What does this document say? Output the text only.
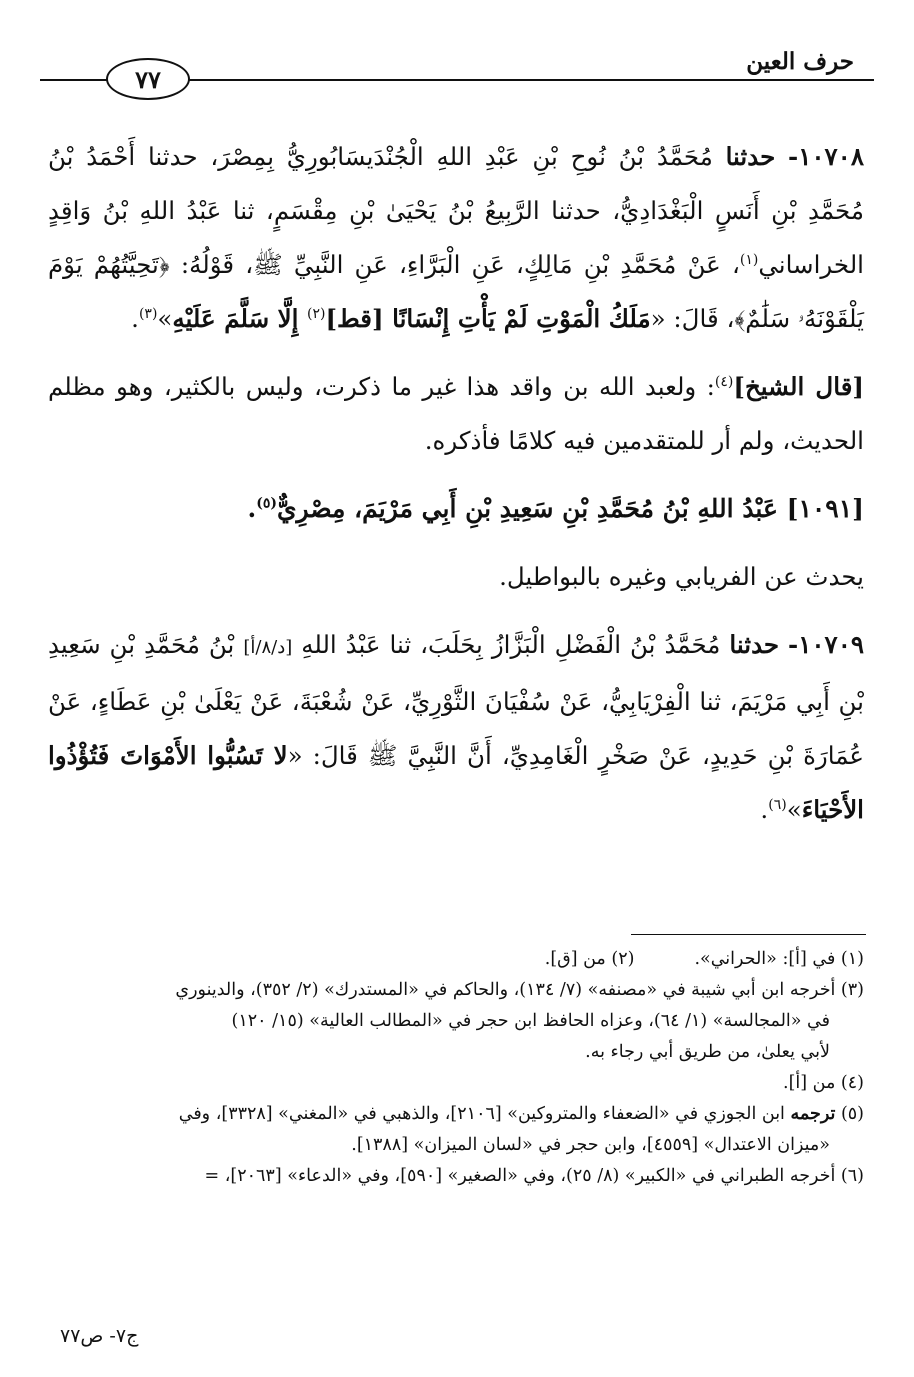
حرف العين
٧٧

١٠٧٠٨- حدثنا مُحَمَّدُ بْنُ نُوحِ بْنِ عَبْدِ اللهِ الْجُنْدَيسَابُورِيُّ بِمِصْرَ، حدثنا أَحْمَدُ بْنُ مُحَمَّدِ بْنِ أَنَسٍ الْبَغْدَادِيُّ، حدثنا الرَّبِيعُ بْنُ يَحْيَىٰ بْنِ مِقْسَمٍ، ثنا عَبْدُ اللهِ بْنُ وَاقِدٍ الخراساني$^{(١)}$، عَنْ مُحَمَّدِ بْنِ مَالِكٍ، عَنِ الْبَرَّاءِ، عَنِ النَّبِيِّ ﷺ، قَوْلُهُ: ﴿تَحِيَّتُهُمْ يَوْمَ يَلْقَوْنَهُۥ سَلَٰمٌ﴾، قَالَ: «مَلَكُ الْمَوْتِ لَمْ يَأْتِ إِنْسَانًا [قط]$^{(٢)}$ إِلَّا سَلَّمَ عَلَيْهِ»$^{(٣)}$.

[قال الشيخ]$^{(٤)}$: ولعبد الله بن واقد هذا غير ما ذكرت، وليس بالكثير، وهو مظلم الحديث، ولم أر للمتقدمين فيه كلامًا فأذكره.

[١٠٩١] عَبْدُ اللهِ بْنُ مُحَمَّدِ بْنِ سَعِيدِ بْنِ أَبِي مَرْيَمَ، مِصْرِيٌّ$^{(٥)}$.

يحدث عن الفريابي وغيره بالبواطيل.

١٠٧٠٩- حدثنا مُحَمَّدُ بْنُ الْفَضْلِ الْبَزَّازُ بِحَلَبَ، ثنا عَبْدُ اللهِ [د/٨/أ] بْنُ مُحَمَّدِ بْنِ سَعِيدِ بْنِ أَبِي مَرْيَمَ، ثنا الْفِرْيَابِيُّ، عَنْ سُفْيَانَ الثَّوْرِيِّ، عَنْ شُعْبَةَ، عَنْ يَعْلَىٰ بْنِ عَطَاءٍ، عَنْ عُمَارَةَ بْنِ حَدِيدٍ، عَنْ صَخْرٍ الْغَامِدِيِّ، أَنَّ النَّبِيَّ ﷺ قَالَ: «لا تَسُبُّوا الأَمْوَاتَ فَتُؤْذُوا الأَحْيَاءَ»$^{(٦)}$.

(١) في [أ]: «الحراني».
(٢) من [ق].
(٣) أخرجه ابن أبي شيبة في «مصنفه» (٧/ ١٣٤)، والحاكم في «المستدرك» (٢/ ٣٥٢)، والدينوري
في «المجالسة» (١/ ٦٤)، وعزاه الحافظ ابن حجر في «المطالب العالية» (١٥/ ١٢٠)
لأبي يعلىٰ، من طريق أبي رجاء به.
(٤) من [أ].
(٥) ترجمه ابن الجوزي في «الضعفاء والمتروكين» [٢١٠٦]، والذهبي في «المغني» [٣٣٢٨]، وفي
«ميزان الاعتدال» [٤٥٥٩]، وابن حجر في «لسان الميزان» [١٣٨٨].
(٦) أخرجه الطبراني في «الكبير» (٨/ ٢٥)، وفي «الصغير» [٥٩٠]، وفي «الدعاء» [٢٠٦٣]، =
ج٧- ص٧٧
